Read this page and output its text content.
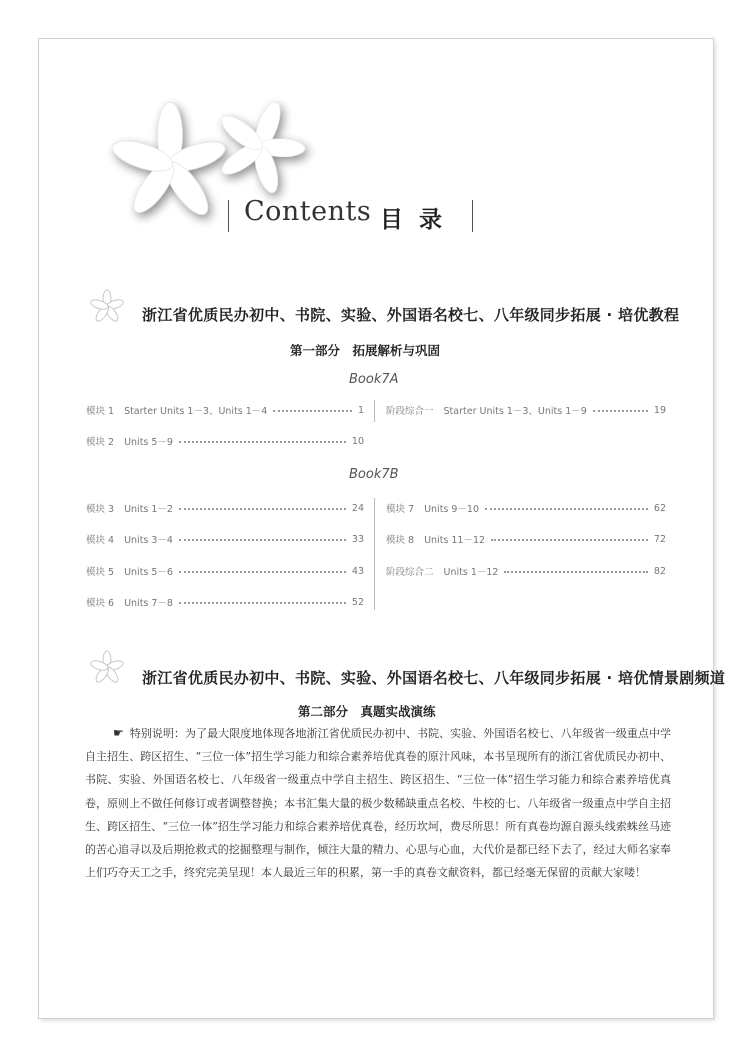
Contents 目 录
浙江省优质民办初中、书院、实验、外国语名校七、八年级同步拓展 · 培优教程
第一部分　拓展解析与巩固
Book7A
模块 1 Starter Units 1－3、Units 1－4	1
模块 2 Units 5－9	10
阶段综合一 Starter Units 1－3、Units 1－9	19
Book7B
模块 3 Units 1－2	24
模块 4 Units 3－4	33
模块 5 Units 5－6	43
模块 6 Units 7－8	52
模块 7 Units 9－10	62
模块 8 Units 11－12	72
阶段综合二 Units 1－12	82
浙江省优质民办初中、书院、实验、外国语名校七、八年级同步拓展 · 培优情景剧频道
第二部分　真题实战演练
☛ 特别说明：为了最大限度地体现各地浙江省优质民办初中、书院、实验、外国语名校七、八年级省一级重点中学自主招生、跨区招生、“三位一体”招生学习能力和综合素养培优真卷的原汁风味，本书呈现所有的浙江省优质民办初中、书院、实验、外国语名校七、八年级省一级重点中学自主招生、跨区招生、“三位一体”招生学习能力和综合素养培优真卷，原则上不做任何修订或者调整替换；本书汇集大量的极少数稀缺重点名校、牛校的七、八年级省一级重点中学自主招生、跨区招生、“三位一体”招生学习能力和综合素养培优真卷，经历坎坷，费尽所思！所有真卷均源自源头线索蛛丝马迹的苦心追寻以及后期抢救式的挖掘整理与制作，倾注大量的精力、心思与心血，大代价是都已经下去了，经过大师名家奉上们巧夺天工之手，终究完美呈现！本人最近三年的积累，第一手的真卷文献资料，都已经毫无保留的贡献大家喽！
